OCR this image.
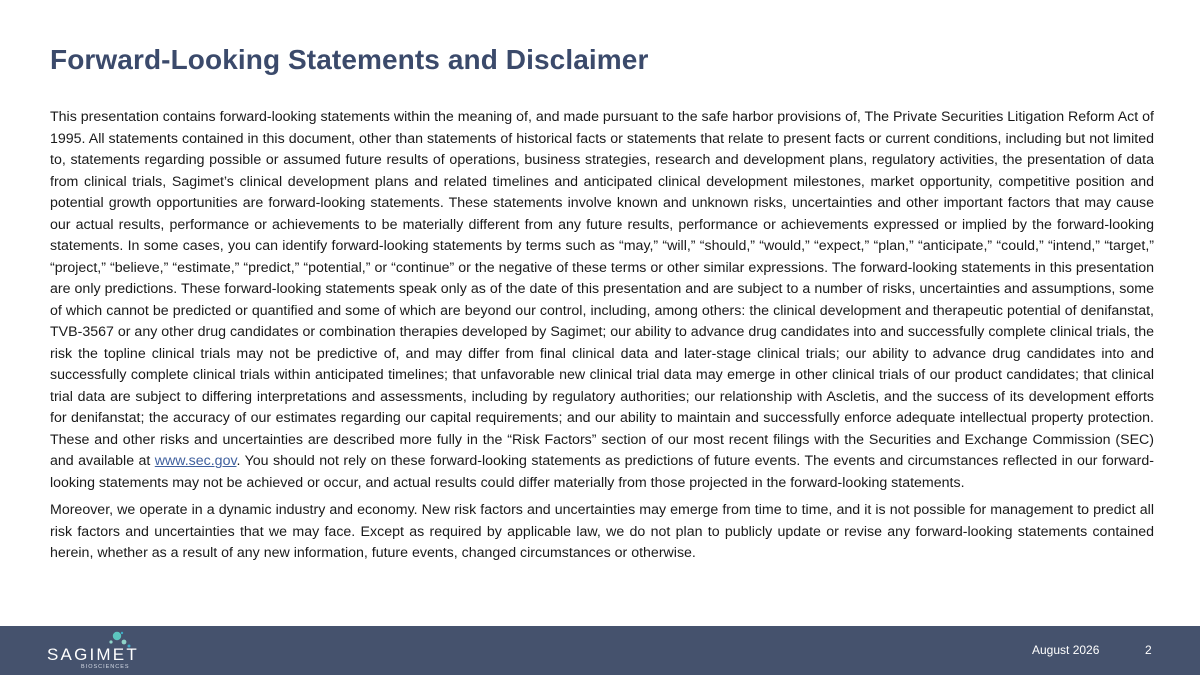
Forward-Looking Statements and Disclaimer

This presentation contains forward-looking statements within the meaning of, and made pursuant to the safe harbor provisions of, The Private Securities Litigation Reform Act of 1995. All statements contained in this document, other than statements of historical facts or statements that relate to present facts or current conditions, including but not limited to, statements regarding possible or assumed future results of operations, business strategies, research and development plans, regulatory activities, the presentation of data from clinical trials, Sagimet’s clinical development plans and related timelines and anticipated clinical development milestones, market opportunity, competitive position and potential growth opportunities are forward-looking statements. These statements involve known and unknown risks, uncertainties and other important factors that may cause our actual results, performance or achievements to be materially different from any future results, performance or achievements expressed or implied by the forward-looking statements. In some cases, you can identify forward-looking statements by terms such as “may,” “will,” “should,” “would,” “expect,” “plan,” “anticipate,” “could,” “intend,” “target,” “project,” “believe,” “estimate,” “predict,” “potential,” or “continue” or the negative of these terms or other similar expressions. The forward-looking statements in this presentation are only predictions. These forward-looking statements speak only as of the date of this presentation and are subject to a number of risks, uncertainties and assumptions, some of which cannot be predicted or quantified and some of which are beyond our control, including, among others: the clinical development and therapeutic potential of denifanstat, TVB-3567 or any other drug candidates or combination therapies developed by Sagimet; our ability to advance drug candidates into and successfully complete clinical trials, the risk the topline clinical trials may not be predictive of, and may differ from final clinical data and later-stage clinical trials; our ability to advance drug candidates into and successfully complete clinical trials within anticipated timelines; that unfavorable new clinical trial data may emerge in other clinical trials of our product candidates; that clinical trial data are subject to differing interpretations and assessments, including by regulatory authorities; our relationship with Ascletis, and the success of its development efforts for denifanstat; the accuracy of our estimates regarding our capital requirements; and our ability to maintain and successfully enforce adequate intellectual property protection. These and other risks and uncertainties are described more fully in the “Risk Factors” section of our most recent filings with the Securities and Exchange Commission (SEC) and available at www.sec.gov. You should not rely on these forward-looking statements as predictions of future events. The events and circumstances reflected in our forward-looking statements may not be achieved or occur, and actual results could differ materially from those projected in the forward-looking statements.

Moreover, we operate in a dynamic industry and economy. New risk factors and uncertainties may emerge from time to time, and it is not possible for management to predict all risk factors and uncertainties that we may face. Except as required by applicable law, we do not plan to publicly update or revise any forward-looking statements contained herein, whether as a result of any new information, future events, changed circumstances or otherwise.

SAGIMET
BIOSCIENCES
August 2026	2
